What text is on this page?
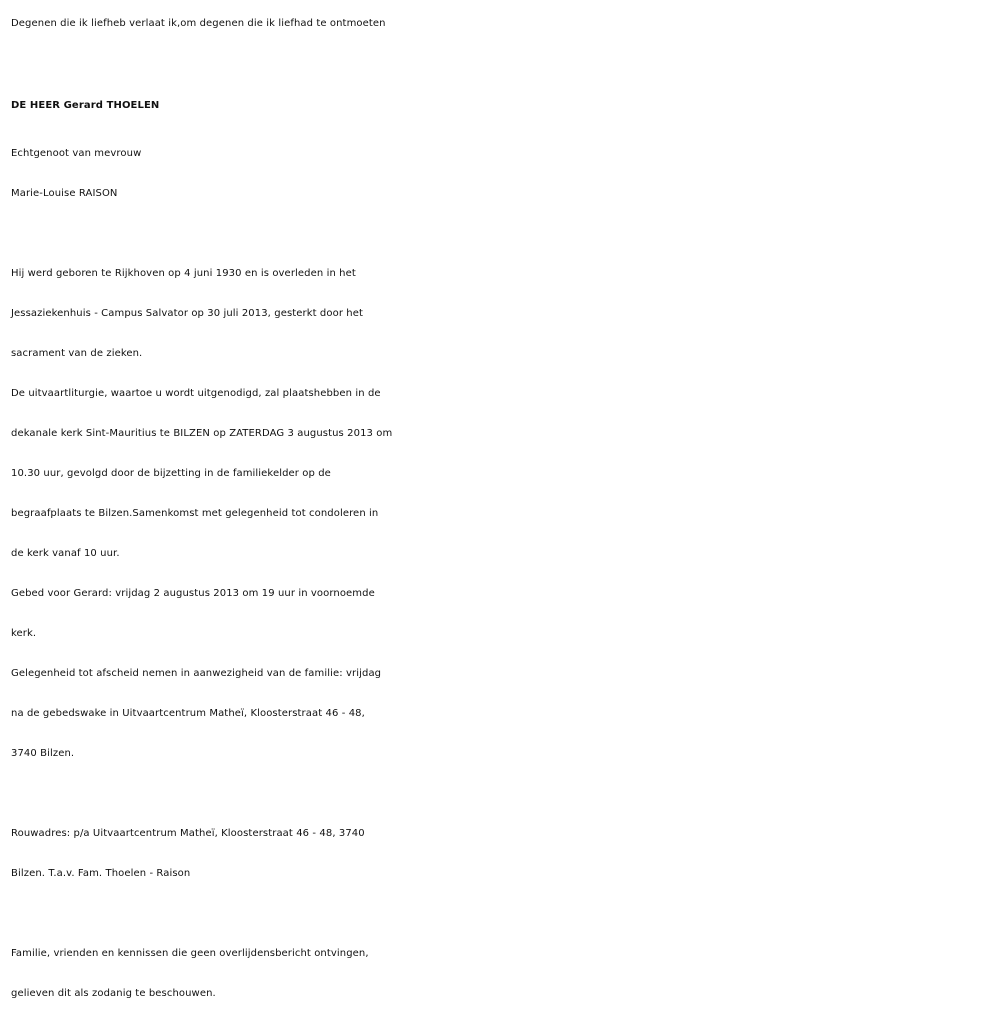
Degenen die ik liefheb verlaat ik,om degenen die ik liefhad te ontmoeten
DE HEER Gerard THOELEN
Echtgenoot van mevrouw
Marie-Louise RAISON
Hij werd geboren te Rijkhoven op 4 juni 1930 en is overleden in het
Jessaziekenhuis - Campus Salvator op 30 juli 2013, gesterkt door het
sacrament van de zieken.
De uitvaartliturgie, waartoe u wordt uitgenodigd, zal plaatshebben in de
dekanale kerk Sint-Mauritius te BILZEN op ZATERDAG 3 augustus 2013 om
10.30 uur, gevolgd door de bijzetting in de familiekelder op de
begraafplaats te Bilzen.Samenkomst met gelegenheid tot condoleren in
de kerk vanaf 10 uur.
Gebed voor Gerard: vrijdag 2 augustus 2013 om 19 uur in voornoemde
kerk.
Gelegenheid tot afscheid nemen in aanwezigheid van de familie: vrijdag
na de gebedswake in Uitvaartcentrum Matheï, Kloosterstraat 46 - 48,
3740 Bilzen.
Rouwadres: p/a Uitvaartcentrum Matheï, Kloosterstraat 46 - 48, 3740
Bilzen. T.a.v. Fam. Thoelen - Raison
Familie, vrienden en kennissen die geen overlijdensbericht ontvingen,
gelieven dit als zodanig te beschouwen.
